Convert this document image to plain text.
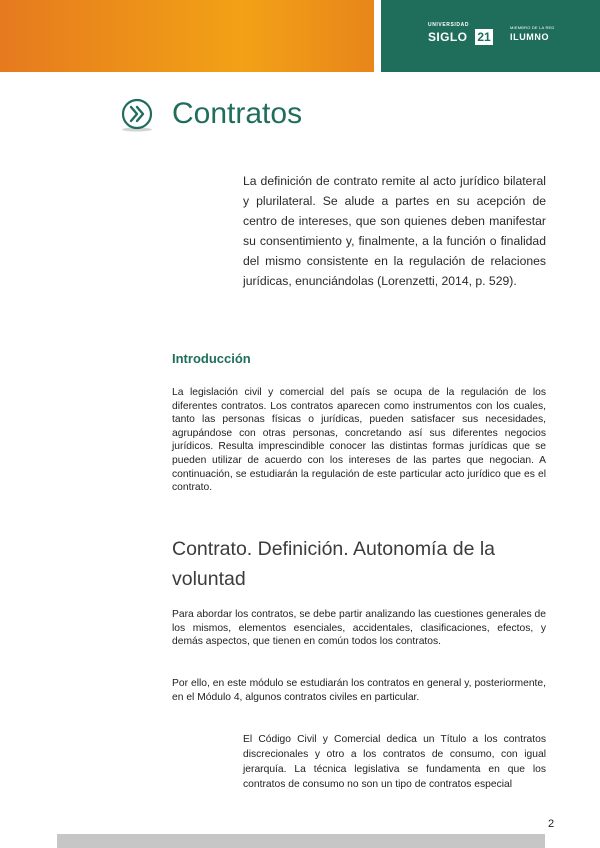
UNIVERSIDAD
SIGLO 21
MIEMBRO DE LA RED
ILUMNO
Contratos

La definición de contrato remite al acto jurídico bilateral y plurilateral. Se alude a partes en su acepción de centro de intereses, que son quienes deben manifestar su consentimiento y, finalmente, a la función o finalidad del mismo consistente en la regulación de relaciones jurídicas, enunciándolas (Lorenzetti, 2014, p. 529).

Introducción

La legislación civil y comercial del país se ocupa de la regulación de los diferentes contratos. Los contratos aparecen como instrumentos con los cuales, tanto las personas físicas o jurídicas, pueden satisfacer sus necesidades, agrupándose con otras personas, concretando así sus diferentes negocios jurídicos. Resulta imprescindible conocer las distintas formas jurídicas que se pueden utilizar de acuerdo con los intereses de las partes que negocian. A continuación, se estudiarán la regulación de este particular acto jurídico que es el contrato.

Contrato. Definición. Autonomía de la voluntad

Para abordar los contratos, se debe partir analizando las cuestiones generales de los mismos, elementos esenciales, accidentales, clasificaciones, efectos, y demás aspectos, que tienen en común todos los contratos.

Por ello, en este módulo se estudiarán los contratos en general y, posteriormente, en el Módulo 4, algunos contratos civiles en particular.

El Código Civil y Comercial dedica un Título a los contratos discrecionales y otro a los contratos de consumo, con igual jerarquía. La técnica legislativa se fundamenta en que los contratos de consumo no son un tipo de contratos especial

2
